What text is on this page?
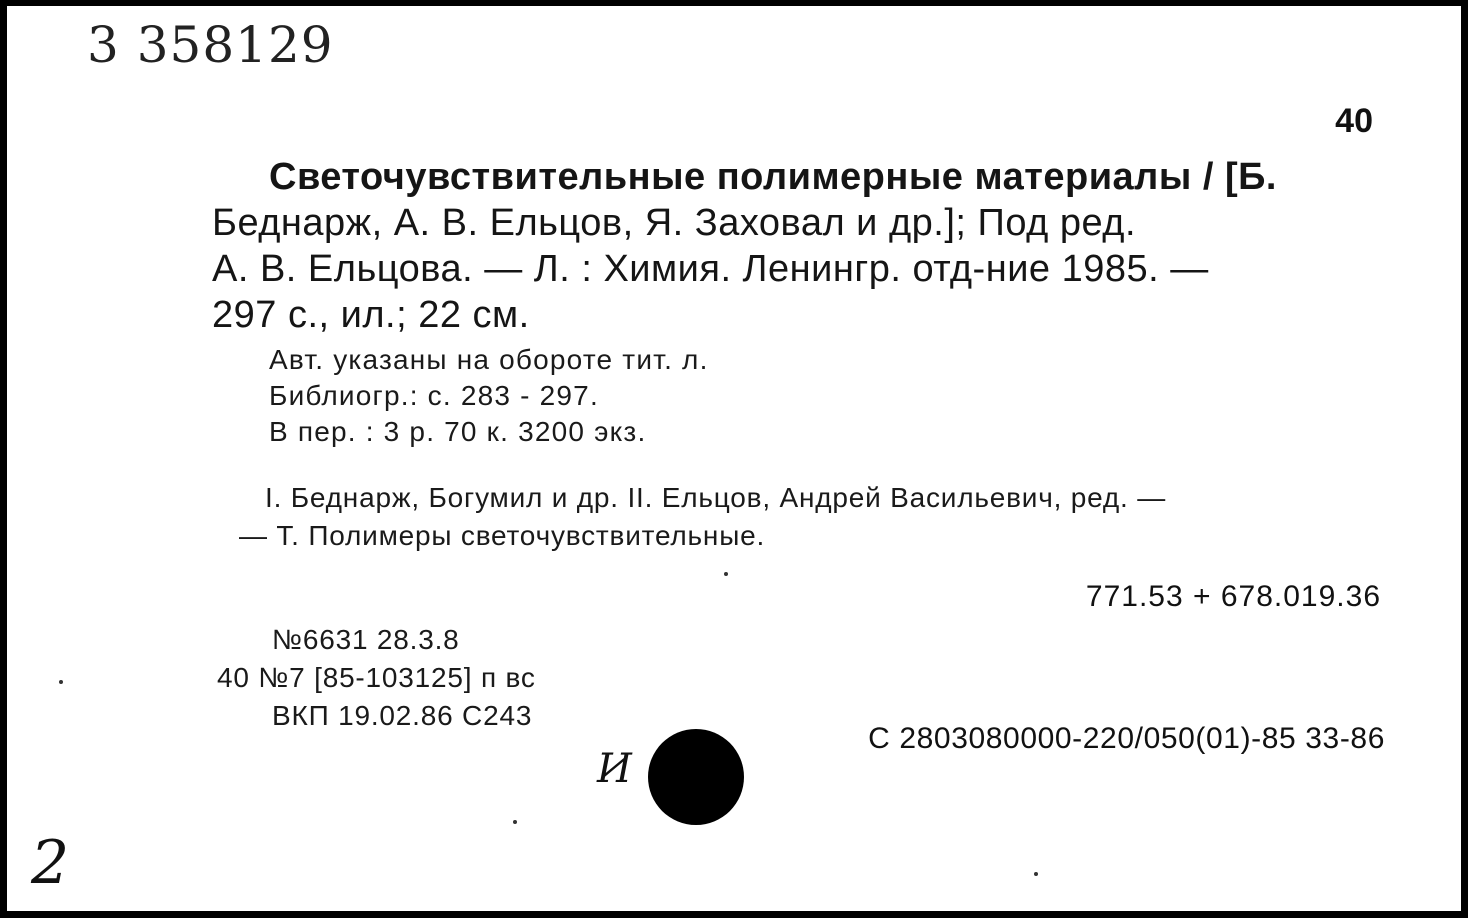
3 358129
40
Светочувствительные полимерные материалы / [Б.
Беднарж, А. В. Ельцов, Я. Заховал и др.]; Под ред.
А. В. Ельцова. — Л. : Химия. Ленингр. отд-ние 1985. —
297 с., ил.; 22 см.
Авт. указаны на обороте тит. л.
Библиогр.: с. 283 - 297.
В пер. : 3 р. 70 к. 3200 экз.
I. Беднарж, Богумил и др. II. Ельцов, Андрей Васильевич, ред. —
— Т. Полимеры светочувствительные.
771.53 + 678.019.36
№6631 28.3.8
40 №7 [85-103125] п вс
ВКП 19.02.86 С243
И
С 2803080000-220/050(01)-85 33-86
2
